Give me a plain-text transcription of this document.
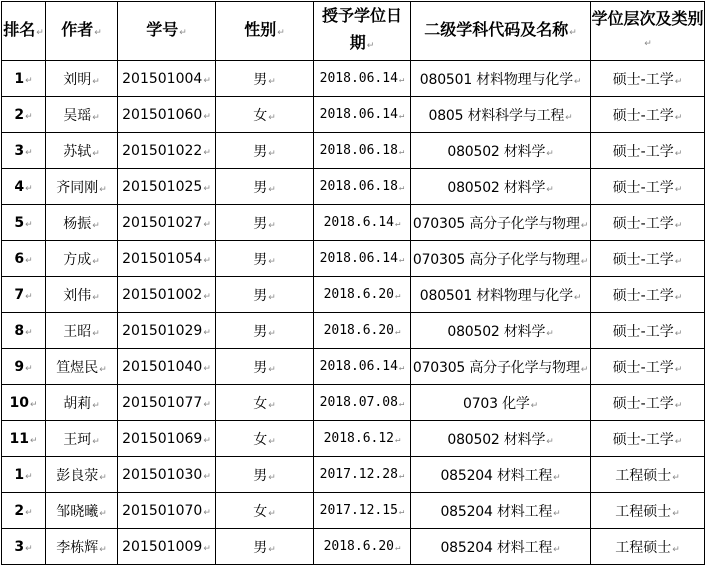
排名↵	作者↵	学号↵	性别↵	授予学位日期↵	二级学科代码及名称↵	学位层次及类别↵
1↵	刘明↵	201501004↵	男↵	2018.06.14↵	080501 材料物理与化学↵	硕士-工学↵
2↵	吴瑶↵	201501060↵	女↵	2018.06.14↵	0805 材料科学与工程↵	硕士-工学↵
3↵	苏轼↵	201501022↵	男↵	2018.06.18↵	080502 材料学↵	硕士-工学↵
4↵	齐同刚↵	201501025↵	男↵	2018.06.18↵	080502 材料学↵	硕士-工学↵
5↵	杨振↵	201501027↵	男↵	2018.6.14↵	070305 高分子化学与物理↵	硕士-工学↵
6↵	方成↵	201501054↵	男↵	2018.06.14↵	070305 高分子化学与物理↵	硕士-工学↵
7↵	刘伟↵	201501002↵	男↵	2018.6.20↵	080501 材料物理与化学↵	硕士-工学↵
8↵	王昭↵	201501029↵	男↵	2018.6.20↵	080502 材料学↵	硕士-工学↵
9↵	笪煜民↵	201501040↵	男↵	2018.06.14↵	070305 高分子化学与物理↵	硕士-工学↵
10↵	胡莉↵	201501077↵	女↵	2018.07.08↵	0703 化学↵	硕士-工学↵
11↵	王珂↵	201501069↵	女↵	2018.6.12↵	080502 材料学↵	硕士-工学↵
1↵	彭良荥↵	201501030↵	男↵	2017.12.28↵	085204 材料工程↵	工程硕士↵
2↵	邹晓曦↵	201501070↵	女↵	2017.12.15↵	085204 材料工程↵	工程硕士↵
3↵	李栋辉↵	201501009↵	男↵	2018.6.20↵	085204 材料工程↵	工程硕士↵
